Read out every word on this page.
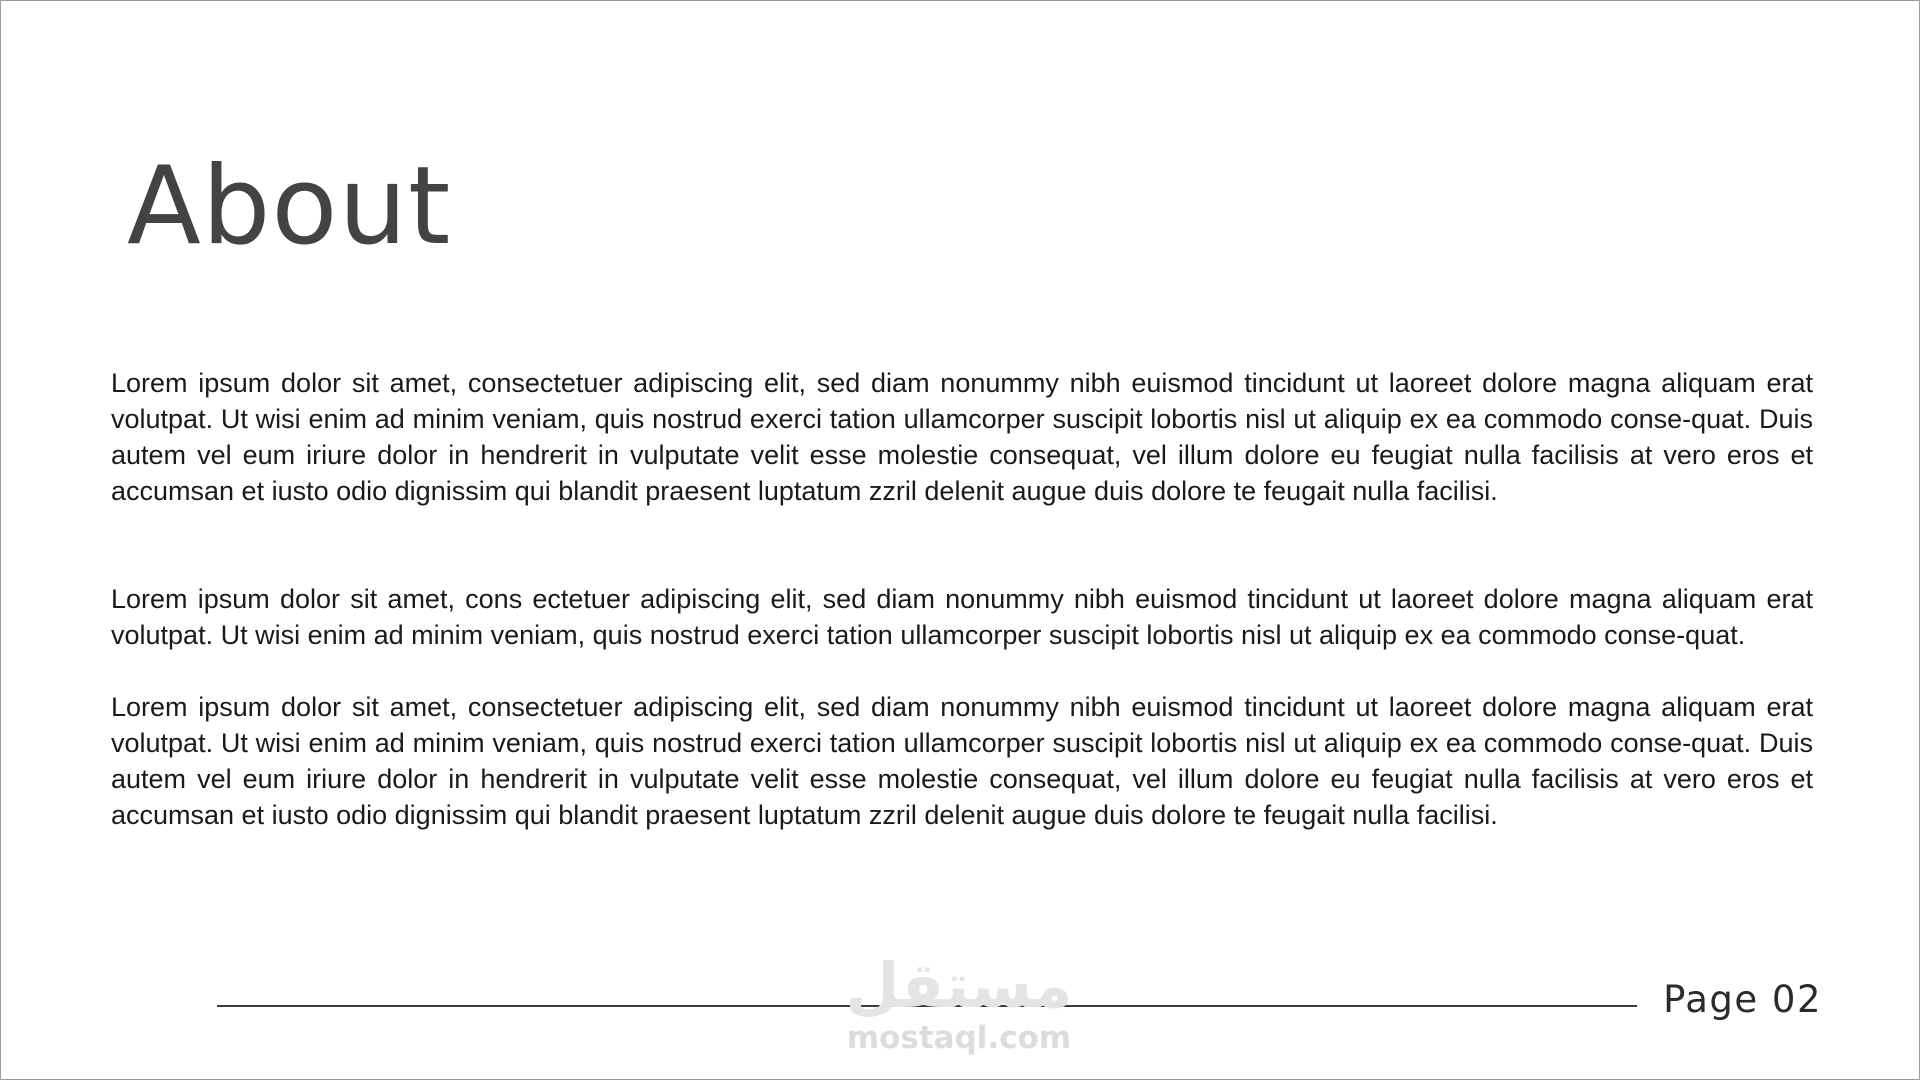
About

Lorem ipsum dolor sit amet, consectetuer adipiscing elit, sed diam nonummy nibh euismod tincidunt ut laoreet dolore magna aliquam erat volutpat. Ut wisi enim ad minim veniam, quis nostrud exerci tation ullamcorper suscipit lobortis nisl ut aliquip ex ea commodo conse-quat. Duis autem vel eum iriure dolor in hendrerit in vulputate velit esse molestie consequat, vel illum dolore eu feugiat nulla facilisis at vero eros et accumsan et iusto odio dignissim qui blandit praesent luptatum zzril delenit augue duis dolore te feugait nulla facilisi.

Lorem ipsum dolor sit amet, cons ectetuer adipiscing elit, sed diam nonummy nibh euismod tincidunt ut laoreet dolore magna aliquam erat volutpat. Ut wisi enim ad minim veniam, quis nostrud exerci tation ullamcorper suscipit lobortis nisl ut aliquip ex ea commodo conse-quat.

Lorem ipsum dolor sit amet, consectetuer adipiscing elit, sed diam nonummy nibh euismod tincidunt ut laoreet dolore magna aliquam erat volutpat. Ut wisi enim ad minim veniam, quis nostrud exerci tation ullamcorper suscipit lobortis nisl ut aliquip ex ea commodo conse-quat. Duis autem vel eum iriure dolor in hendrerit in vulputate velit esse molestie consequat, vel illum dolore eu feugiat nulla facilisis at vero eros et accumsan et iusto odio dignissim qui blandit praesent luptatum zzril delenit augue duis dolore te feugait nulla facilisi.

مستقل
mostaql.com
Page 02
